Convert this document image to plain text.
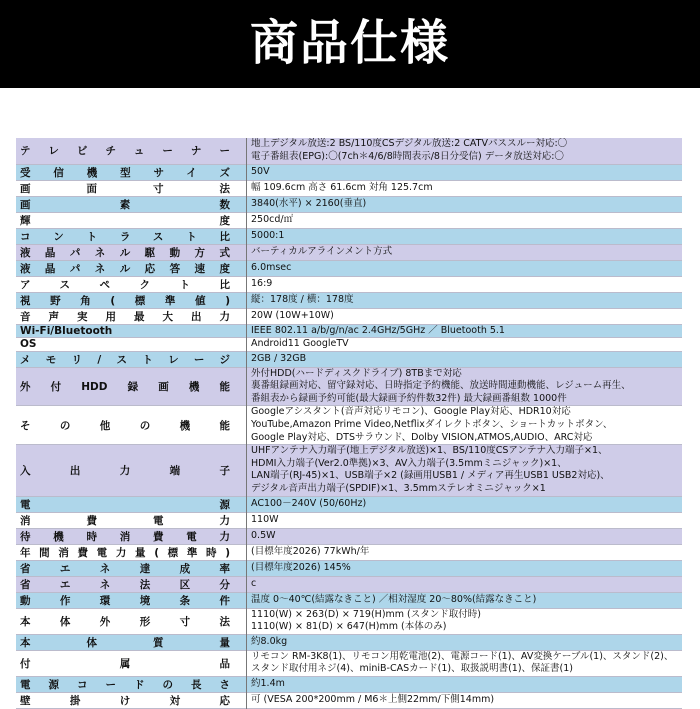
商品仕様
テレビチューナー	地上デジタル放送:2 BS/110度CSデジタル放送:2 CATVパススルー対応:〇
電子番組表(EPG):〇(7ch＊4/6/8時間表示/8日分受信) データ放送対応:〇

受信機型サイズ	50V

画面寸法	幅 109.6cm 高さ 61.6cm 対角 125.7cm

画素数	3840(水平) × 2160(垂直)

輝度	250cd/㎡

コントラスト比	5000:1

液晶パネル駆動方式	バーティカルアラインメント方式

液晶パネル応答速度	6.0msec

アスペクト比	16:9

視野角(標準値)	縦：178度 / 横：178度

音声実用最大出力	20W (10W+10W)

Wi-Fi/Bluetooth	IEEE 802.11 a/b/g/n/ac 2.4GHz/5GHz ／ Bluetooth 5.1

OS	Android11 GoogleTV

メモリ/ストレージ	2GB / 32GB

外付HDD録画機能	外付HDD(ハードディスクドライブ) 8TBまで対応
裏番組録画対応、留守録対応、日時指定予約機能、放送時間連動機能、レジューム再生、
番組表から録画予約可能(最大録画予約件数32件) 最大録画番組数 1000件

その他の機能	Googleアシスタント(音声対応リモコン)、Google Play対応、HDR10対応
YouTube,Amazon Prime Video,Netflixダイレクトボタン、ショートカットボタン、
Google Play対応、DTSサラウンド、Dolby VISION,ATMOS,AUDIO、ARC対応

入出力端子	UHFアンテナ入力端子(地上デジタル放送)×1、BS/110度CSアンテナ入力端子×1、
HDMI入力端子(Ver2.0準拠)×3、AV入力端子(3.5mmミニジャック)×1、
LAN端子(RJ-45)×1、USB端子×2 (録画用USB1 / メディア再生USB1 USB2対応)、
デジタル音声出力端子(SPDIF)×1、3.5mmステレオミニジャック×1

電源	AC100－240V (50/60Hz)

消費電力	110W

待機時消費電力	0.5W

年間消費電力量(標準時)	(目標年度2026) 77kWh/年

省エネ達成率	(目標年度2026) 145%

省エネ法区分	c

動作環境条件	温度 0～40℃(結露なきこと) ／相対湿度 20～80%(結露なきこと)

本体外形寸法	1110(W) × 263(D) × 719(H)mm (スタンド取付時)
1110(W) × 81(D) × 647(H)mm (本体のみ)

本体質量	約8.0kg

付属品	リモコン RM-3K8(1)、リモコン用乾電池(2)、電源コード(1)、AV変換ケーブル(1)、スタンド(2)、
スタンド取付用ネジ(4)、miniB-CASカード(1)、取扱説明書(1)、保証書(1)

電源コードの長さ	約1.4m

壁掛け対応	可 (VESA 200*200mm / M6＊上側22mm/下側14mm)
